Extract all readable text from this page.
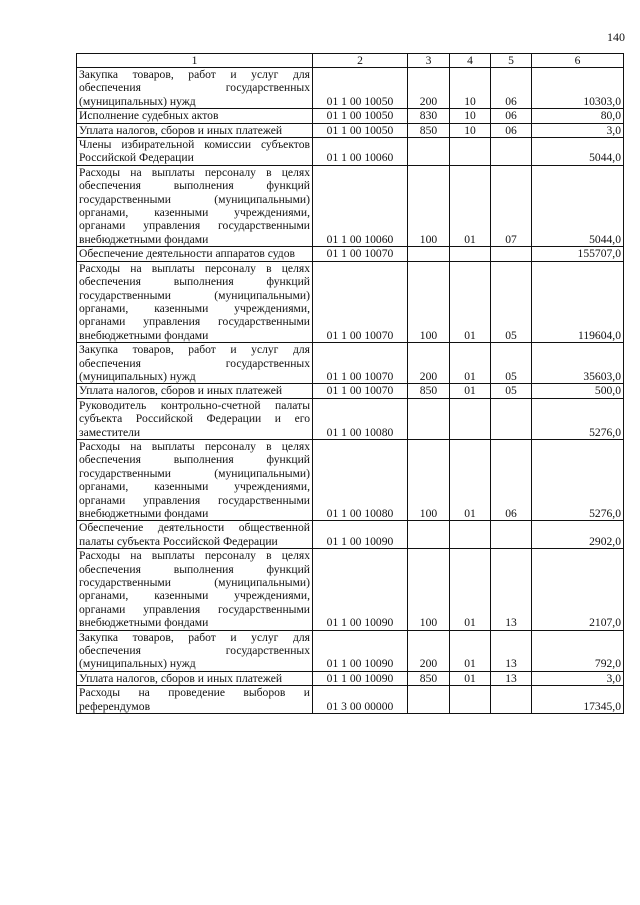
140
1	2	3	4	5	6
Закупка товаров, работ и услуг для обеспечения государственных (муниципальных) нужд	01 1 00 10050	200	10	06	10303,0
Исполнение судебных актов	01 1 00 10050	830	10	06	80,0
Уплата налогов, сборов и иных платежей	01 1 00 10050	850	10	06	3,0
Члены избирательной комиссии субъектов Российской Федерации	01 1 00 10060				5044,0
Расходы на выплаты персоналу в целях обеспечения выполнения функций государственными (муниципальными) органами, казенными учреждениями, органами управления государственными внебюджетными фондами	01 1 00 10060	100	01	07	5044,0
Обеспечение деятельности аппаратов судов	01 1 00 10070				155707,0
Расходы на выплаты персоналу в целях обеспечения выполнения функций государственными (муниципальными) органами, казенными учреждениями, органами управления государственными внебюджетными фондами	01 1 00 10070	100	01	05	119604,0
Закупка товаров, работ и услуг для обеспечения государственных (муниципальных) нужд	01 1 00 10070	200	01	05	35603,0
Уплата налогов, сборов и иных платежей	01 1 00 10070	850	01	05	500,0
Руководитель контрольно-счетной палаты субъекта Российской Федерации и его заместители	01 1 00 10080				5276,0
Расходы на выплаты персоналу в целях обеспечения выполнения функций государственными (муниципальными) органами, казенными учреждениями, органами управления государственными внебюджетными фондами	01 1 00 10080	100	01	06	5276,0
Обеспечение деятельности общественной палаты субъекта Российской Федерации	01 1 00 10090				2902,0
Расходы на выплаты персоналу в целях обеспечения выполнения функций государственными (муниципальными) органами, казенными учреждениями, органами управления государственными внебюджетными фондами	01 1 00 10090	100	01	13	2107,0
Закупка товаров, работ и услуг для обеспечения государственных (муниципальных) нужд	01 1 00 10090	200	01	13	792,0
Уплата налогов, сборов и иных платежей	01 1 00 10090	850	01	13	3,0
Расходы на проведение выборов и референдумов	01 3 00 00000				17345,0
